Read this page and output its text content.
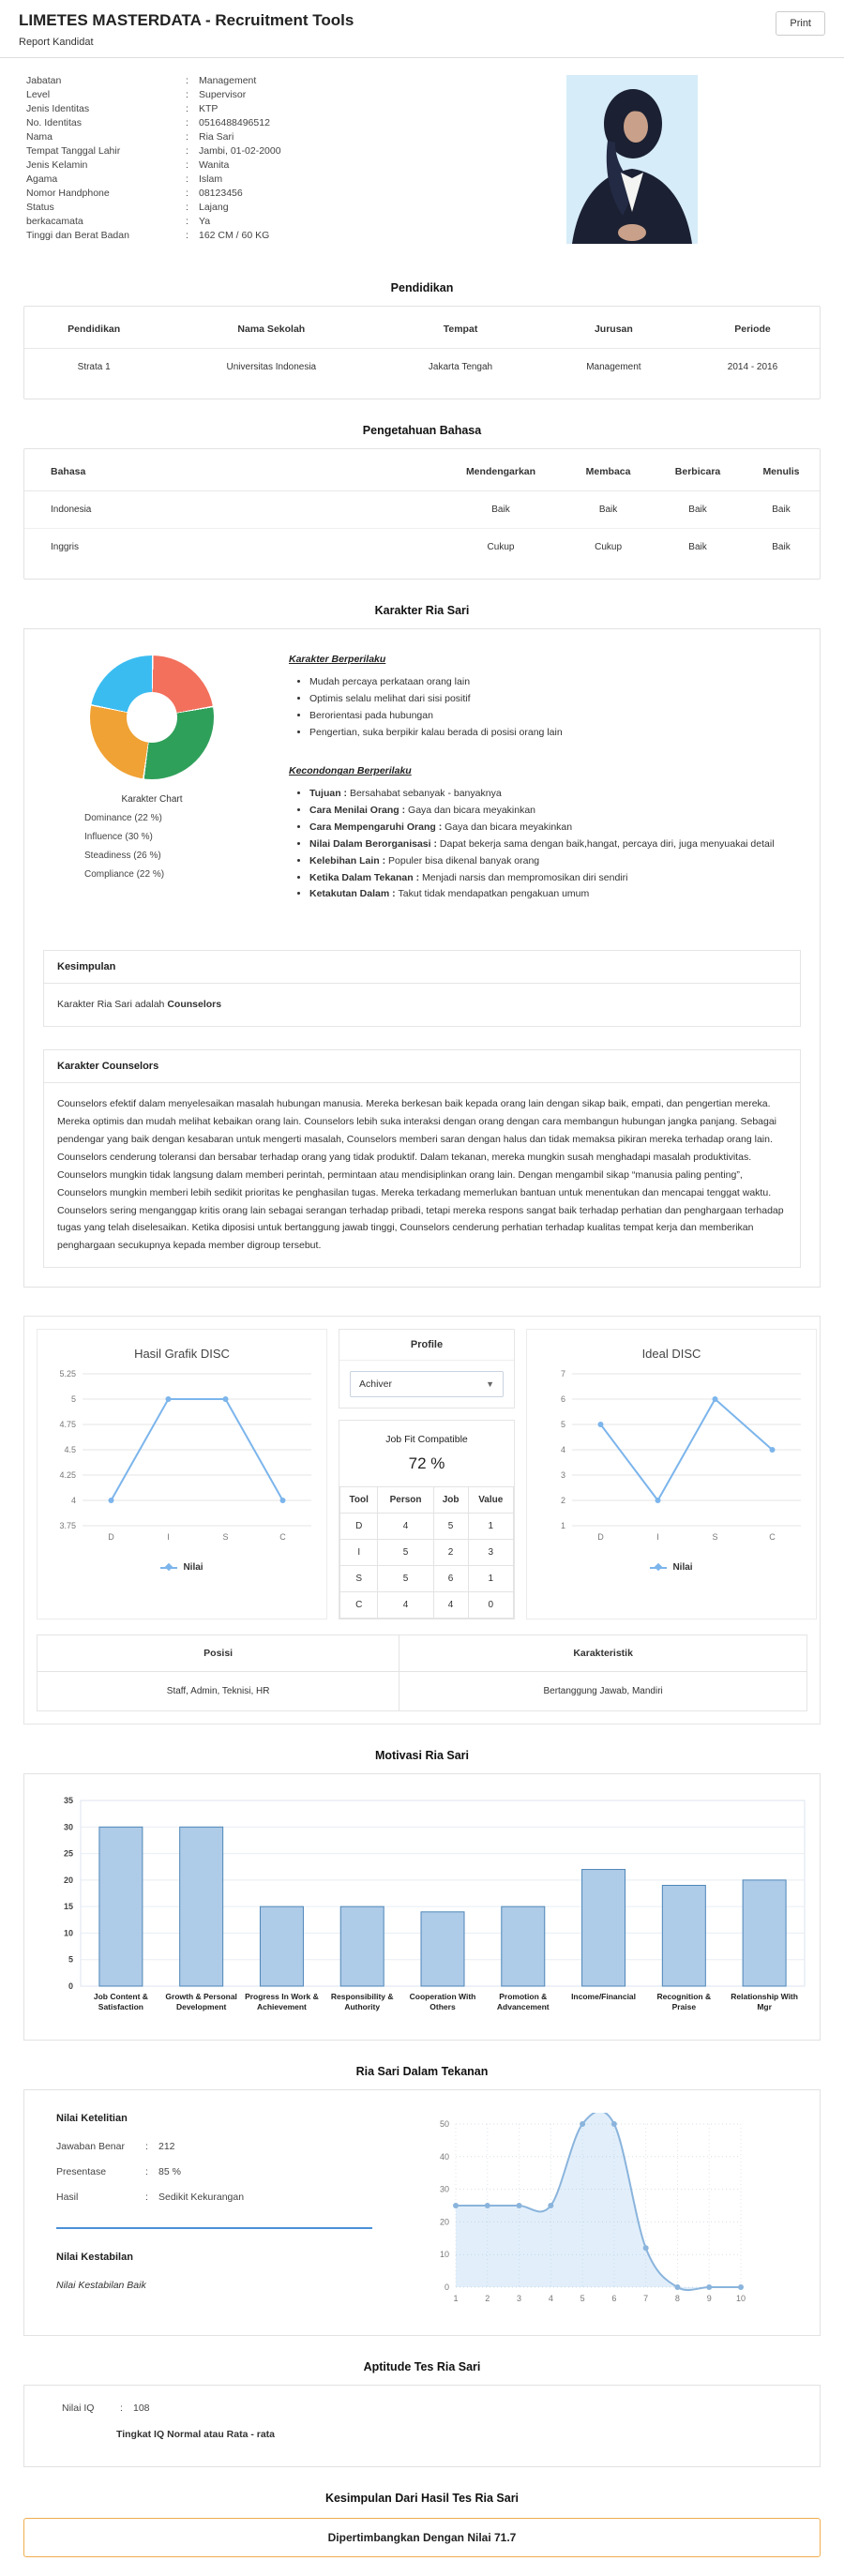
LIMETES MASTERDATA - Recruitment Tools
Report Kandidat
Print
Jabatan	:	Management
Level	:	Supervisor
Jenis Identitas	:	KTP
No. Identitas	:	0516488496512
Nama	:	Ria Sari
Tempat Tanggal Lahir	:	Jambi, 01-02-2000
Jenis Kelamin	:	Wanita
Agama	:	Islam
Nomor Handphone	:	08123456
Status	:	Lajang
berkacamata	:	Ya
Tinggi dan Berat Badan	:	162 CM / 60 KG
Pendidikan
Pendidikan	Nama Sekolah	Tempat	Jurusan	Periode
Strata 1	Universitas Indonesia	Jakarta Tengah	Management	2014 - 2016
Pengetahuan Bahasa
Bahasa	Mendengarkan	Membaca	Berbicara	Menulis
Indonesia	Baik	Baik	Baik	Baik
Inggris	Cukup	Cukup	Baik	Baik
Karakter Ria Sari
Karakter Chart
Dominance (22 %)
Influence (30 %)
Steadiness (26 %)
Compliance (22 %)
Karakter Berperilaku
• Mudah percaya perkataan orang lain
• Optimis selalu melihat dari sisi positif
• Berorientasi pada hubungan
• Pengertian, suka berpikir kalau berada di posisi orang lain
Kecondongan Berperilaku
• Tujuan : Bersahabat sebanyak - banyaknya
• Cara Menilai Orang : Gaya dan bicara meyakinkan
• Cara Mempengaruhi Orang : Gaya dan bicara meyakinkan
• Nilai Dalam Berorganisasi : Dapat bekerja sama dengan baik,hangat, percaya diri, juga menyuakai detail
• Kelebihan Lain : Populer bisa dikenal banyak orang
• Ketika Dalam Tekanan : Menjadi narsis dan mempromosikan diri sendiri
• Ketakutan Dalam : Takut tidak mendapatkan pengakuan umum
Kesimpulan
Karakter Ria Sari adalah Counselors
Karakter Counselors

Counselors efektif dalam menyelesaikan masalah hubungan manusia. Mereka berkesan baik kepada orang lain dengan sikap baik, empati, dan pengertian mereka. Mereka optimis dan mudah melihat kebaikan orang lain. Counselors lebih suka interaksi dengan orang dengan cara membangun hubungan jangka panjang. Sebagai pendengar yang baik dengan kesabaran untuk mengerti masalah, Counselors memberi saran dengan halus dan tidak memaksa pikiran mereka terhadap orang lain.

Counselors cenderung toleransi dan bersabar terhadap orang yang tidak produktif. Dalam tekanan, mereka mungkin susah menghadapi masalah produktivitas. Counselors mungkin tidak langsung dalam memberi perintah, permintaan atau mendisiplinkan orang lain. Dengan mengambil sikap “manusia paling penting”, Counselors mungkin memberi lebih sedikit prioritas ke penghasilan tugas. Mereka terkadang memerlukan bantuan untuk menentukan dan mencapai tenggat waktu.

Counselors sering menganggap kritis orang lain sebagai serangan terhadap pribadi, tetapi mereka respons sangat baik terhadap perhatian dan penghargaan terhadap tugas yang telah diselesaikan. Ketika diposisi untuk bertanggung jawab tinggi, Counselors cenderung perhatian terhadap kualitas tempat kerja dan memberikan penghargaan secukupnya kepada member digroup tersebut.

Hasil Grafik DISC
3.75
4
4.25
4.5
4.75
5
5.25
D	I	S	C
Nilai
Profile
Achiver	▼
Job Fit Compatible
72 %
Tool	Person	Job	Value
D	4	5	1
I	5	2	3
S	5	6	1
C	4	4	0
Ideal DISC
1
2
3
4
5
6
7
D	I	S	C
Nilai
Posisi	Karakteristik
Staff, Admin, Teknisi, HR	Bertanggung Jawab, Mandiri
Motivasi Ria Sari
0
5
10
15
20
25
30
35
Job Content &
Satisfaction
Growth & Personal
Development
Progress In Work &
Achievement
Responsibility &
Authority
Cooperation With
Others
Promotion &
Advancement
Income/Financial	Recognition &
Praise
Relationship With
Mgr
Ria Sari Dalam Tekanan
Nilai Ketelitian
Jawaban Benar	:	212
Presentase	:	85 %
Hasil	:	Sedikit Kekurangan
Nilai Kestabilan
Nilai Kestabilan Baik	0
10
20
30
40
50
1	2	3	4	5	6	7	8	9	10
Aptitude Tes Ria Sari
Nilai IQ	:	108
Tingkat IQ Normal atau Rata - rata
Kesimpulan Dari Hasil Tes Ria Sari
Dipertimbangkan Dengan Nilai 71.7
